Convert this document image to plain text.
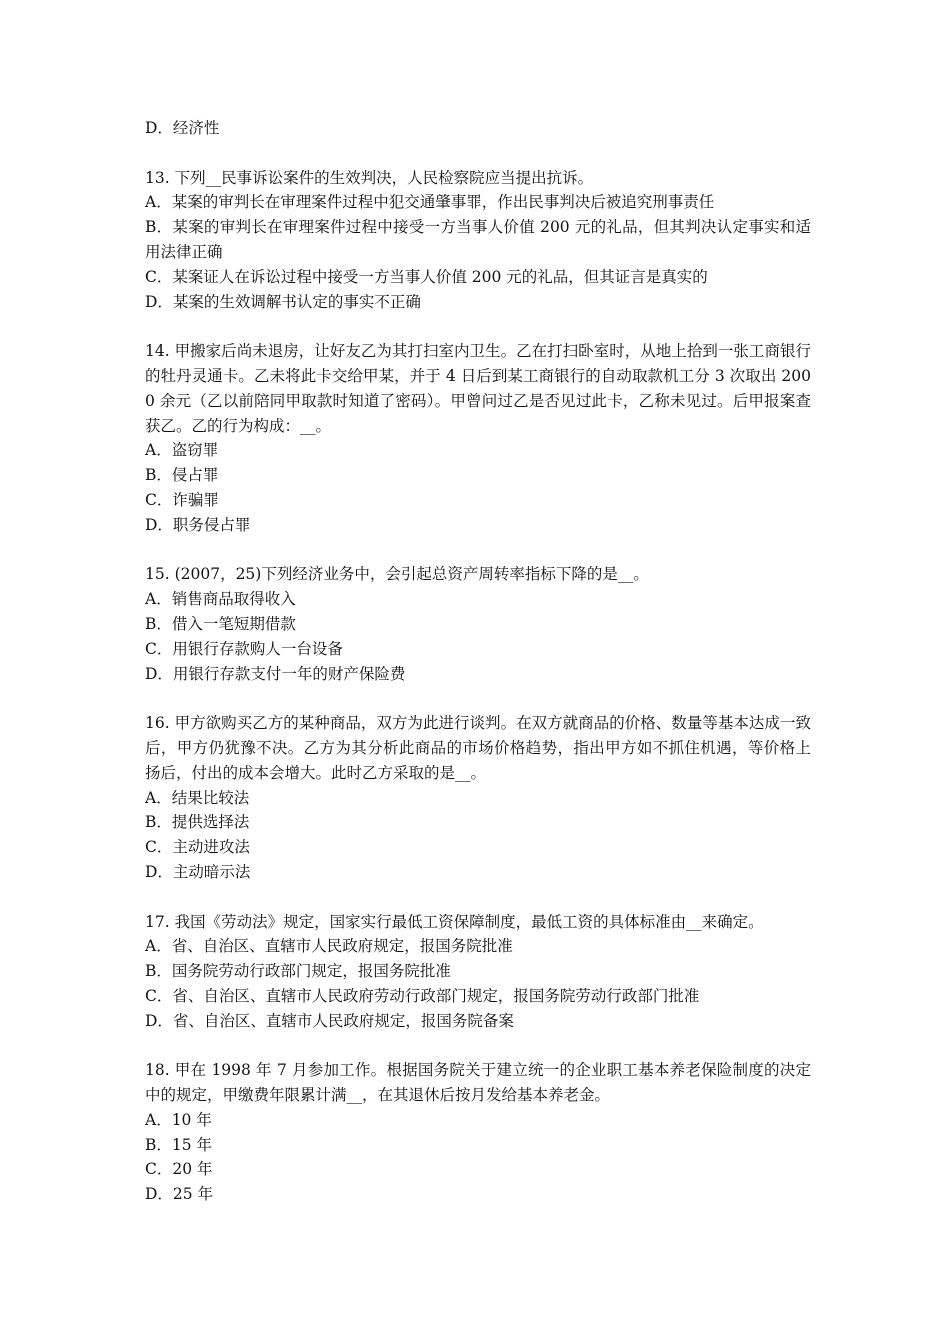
D．经济性
13. 下列__民事诉讼案件的生效判决，人民检察院应当提出抗诉。
A．某案的审判长在审理案件过程中犯交通肇事罪，作出民事判决后被追究刑事责任
B．某案的审判长在审理案件过程中接受一方当事人价值 200 元的礼品，但其判决认定事实和适用法律正确
C．某案证人在诉讼过程中接受一方当事人价值 200 元的礼品，但其证言是真实的
D．某案的生效调解书认定的事实不正确
14. 甲搬家后尚未退房，让好友乙为其打扫室内卫生。乙在打扫卧室时，从地上拾到一张工商银行的牡丹灵通卡。乙未将此卡交给甲某，并于 4 日后到某工商银行的自动取款机工分 3 次取出 2000 余元（乙以前陪同甲取款时知道了密码）。甲曾问过乙是否见过此卡，乙称未见过。后甲报案查获乙。乙的行为构成：__。
A．盗窃罪
B．侵占罪
C．诈骗罪
D．职务侵占罪
15. (2007，25)下列经济业务中，会引起总资产周转率指标下降的是__。
A．销售商品取得收入
B．借入一笔短期借款
C．用银行存款购人一台设备
D．用银行存款支付一年的财产保险费
16. 甲方欲购买乙方的某种商品，双方为此进行谈判。在双方就商品的价格、数量等基本达成一致后，甲方仍犹豫不决。乙方为其分析此商品的市场价格趋势，指出甲方如不抓住机遇，等价格上扬后，付出的成本会增大。此时乙方采取的是__。
A．结果比较法
B．提供选择法
C．主动进攻法
D．主动暗示法
17. 我国《劳动法》规定，国家实行最低工资保障制度，最低工资的具体标准由__来确定。
A．省、自治区、直辖市人民政府规定，报国务院批准
B．国务院劳动行政部门规定，报国务院批准
C．省、自治区、直辖市人民政府劳动行政部门规定，报国务院劳动行政部门批准
D．省、自治区、直辖市人民政府规定，报国务院备案
18. 甲在 1998 年 7 月参加工作。根据国务院关于建立统一的企业职工基本养老保险制度的决定中的规定，甲缴费年限累计满__，在其退休后按月发给基本养老金。
A．10 年
B．15 年
C．20 年
D．25 年
